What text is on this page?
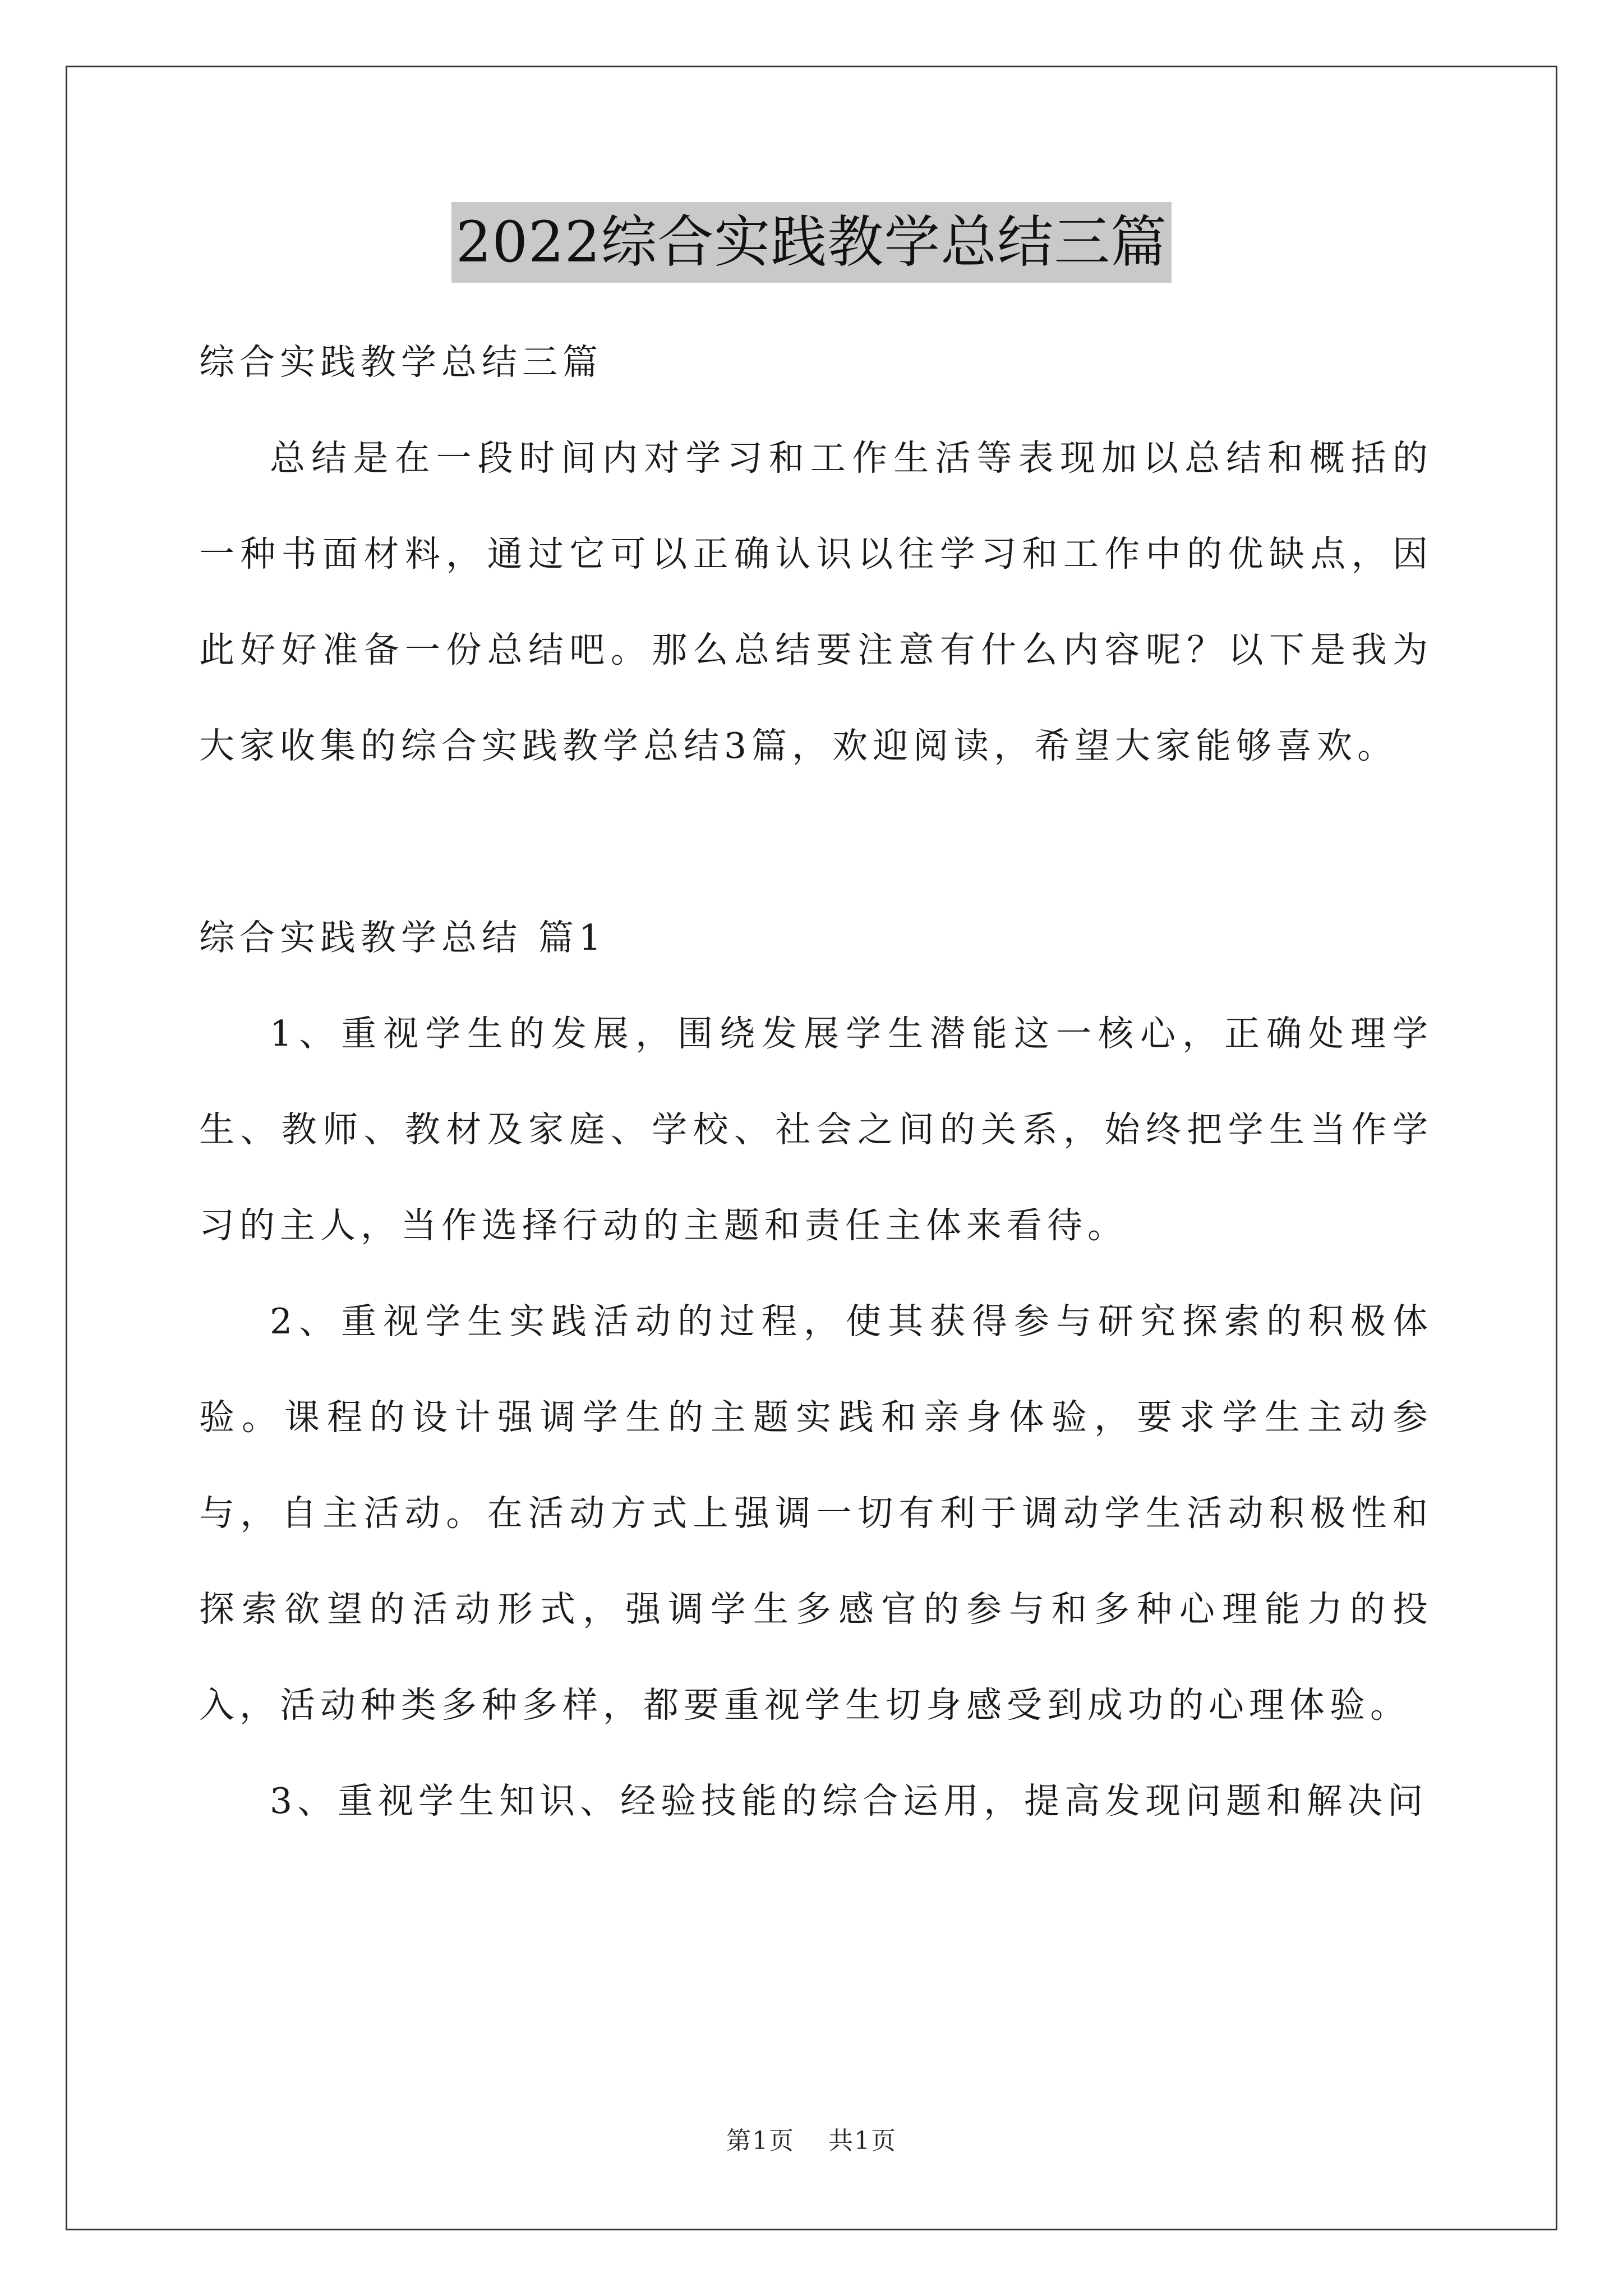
2022综合实践教学总结三篇

综合实践教学总结三篇

总结是在一段时间内对学习和工作生活等表现加以总结和概括的一种书面材料，通过它可以正确认识以往学习和工作中的优缺点，因此好好准备一份总结吧。那么总结要注意有什么内容呢？以下是我为大家收集的综合实践教学总结3篇，欢迎阅读，希望大家能够喜欢。

综合实践教学总结 篇1

1、重视学生的发展，围绕发展学生潜能这一核心，正确处理学生、教师、教材及家庭、学校、社会之间的关系，始终把学生当作学习的主人，当作选择行动的主题和责任主体来看待。

2、重视学生实践活动的过程，使其获得参与研究探索的积极体验。课程的设计强调学生的主题实践和亲身体验，要求学生主动参与，自主活动。在活动方式上强调一切有利于调动学生活动积极性和探索欲望的活动形式，强调学生多感官的参与和多种心理能力的投入，活动种类多种多样，都要重视学生切身感受到成功的心理体验。

3、重视学生知识、经验技能的综合运用，提高发现问题和解决问

第1页 共1页
